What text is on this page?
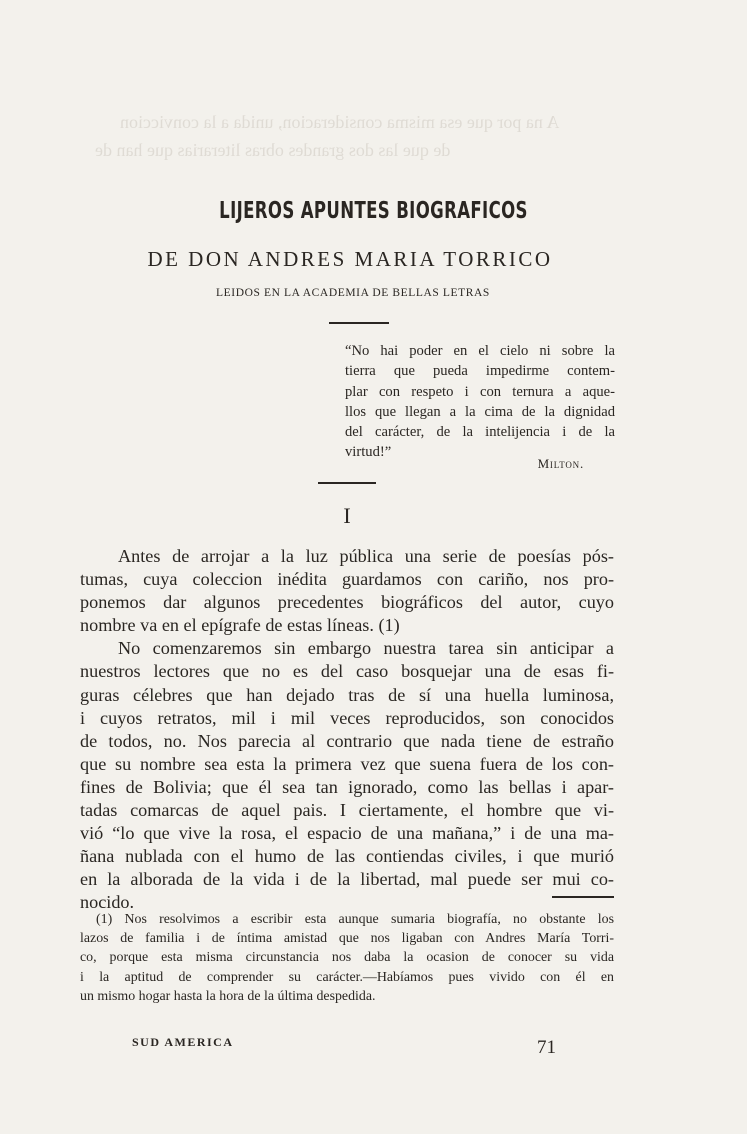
A na por que esa misma consideracion, unida a la conviccion
de que las dos grandes obras literarias que han de
LIJEROS APUNTES BIOGRAFICOS
DE DON ANDRES MARIA TORRICO
LEIDOS EN LA ACADEMIA DE BELLAS LETRAS
“No hai poder en el cielo ni sobre la
tierra que pueda impedirme contem-
plar con respeto i con ternura a aque-
llos que llegan a la cima de la dignidad
del carácter, de la intelijencia i de la
virtud!”
Milton.
I
Antes de arrojar a la luz pública una serie de poesías pós-
tumas, cuya coleccion inédita guardamos con cariño, nos pro-
ponemos dar algunos precedentes biográficos del autor, cuyo
nombre va en el epígrafe de estas líneas. (1)
No comenzaremos sin embargo nuestra tarea sin anticipar a
nuestros lectores que no es del caso bosquejar una de esas fi-
guras célebres que han dejado tras de sí una huella luminosa,
i cuyos retratos, mil i mil veces reproducidos, son conocidos
de todos, no. Nos parecia al contrario que nada tiene de estraño
que su nombre sea esta la primera vez que suena fuera de los con-
fines de Bolivia; que él sea tan ignorado, como las bellas i apar-
tadas comarcas de aquel pais. I ciertamente, el hombre que vi-
vió “lo que vive la rosa, el espacio de una mañana,” i de una ma-
ñana nublada con el humo de las contiendas civiles, i que murió
en la alborada de la vida i de la libertad, mal puede ser mui co-
nocido.
(1) Nos resolvimos a escribir esta aunque sumaria biografía, no obstante los
lazos de familia i de íntima amistad que nos ligaban con Andres María Torri-
co, porque esta misma circunstancia nos daba la ocasion de conocer su vida
i la aptitud de comprender su carácter.—Habíamos pues vivido con él en
un mismo hogar hasta la hora de la última despedida.
SUD AMERICA	71
